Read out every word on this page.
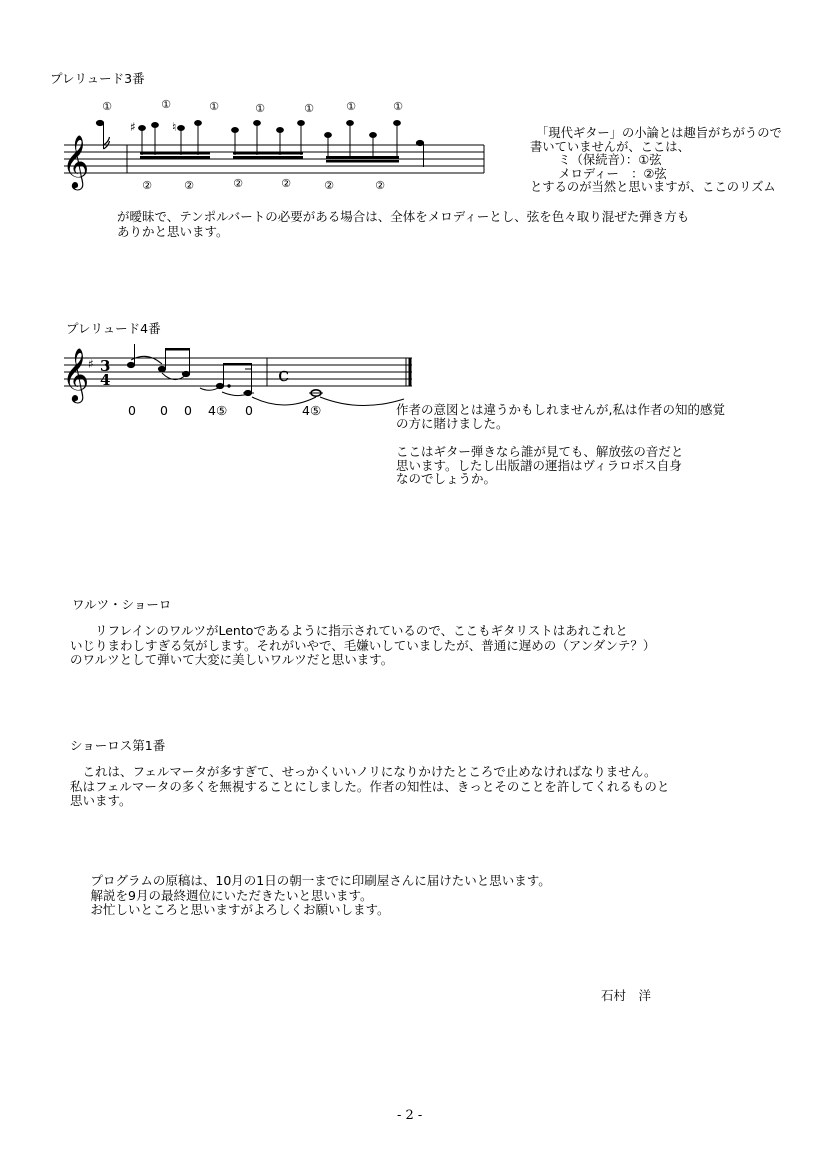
プレリュード3番

𝄞
♯	♮
①	①	①	①	①	①	①
②	②	②	②	②	②
「現代ギター」の小論とは趣旨がちがうので
書いていませんが、ここは、
　ミ（保続音）：①弦
　メロディー　：②弦
とするのが当然と思いますが、ここのリズム
が曖昧で、テンポルバートの必要がある場合は、全体をメロディーとし、弦を色々取り混ぜた弾き方も
ありかと思います。

プレリュード4番

𝄞
♯ 3
4	c
0 0 0 4⑤ 0	4⑤	作者の意図とは違うかもしれませんが,私は作者の知的感覚
の方に賭けました。
ここはギター弾きなら誰が見ても、解放弦の音だと
思います。したし出版譜の運指はヴィラロボス自身
なのでしょうか。

ワルツ・ショーロ

　　リフレインのワルツがLentoであるように指示されているので、ここもギタリストはあれこれと
いじりまわしすぎる気がします。それがいやで、毛嫌いしていましたが、普通に遅めの（アンダンテ？）
のワルツとして弾いて大変に美しいワルツだと思います。

ショーロス第1番

　これは、フェルマータが多すぎて、せっかくいいノリになりかけたところで止めなければなりません。
私はフェルマータの多くを無視することにしました。作者の知性は、きっとそのことを許してくれるものと
思います。
　プログラムの原稿は、10月の1日の朝一までに印刷屋さんに届けたいと思います。
　解説を9月の最終週位にいただきたいと思います。
　お忙しいところと思いますがよろしくお願いします。

石村　洋

- 2 -
